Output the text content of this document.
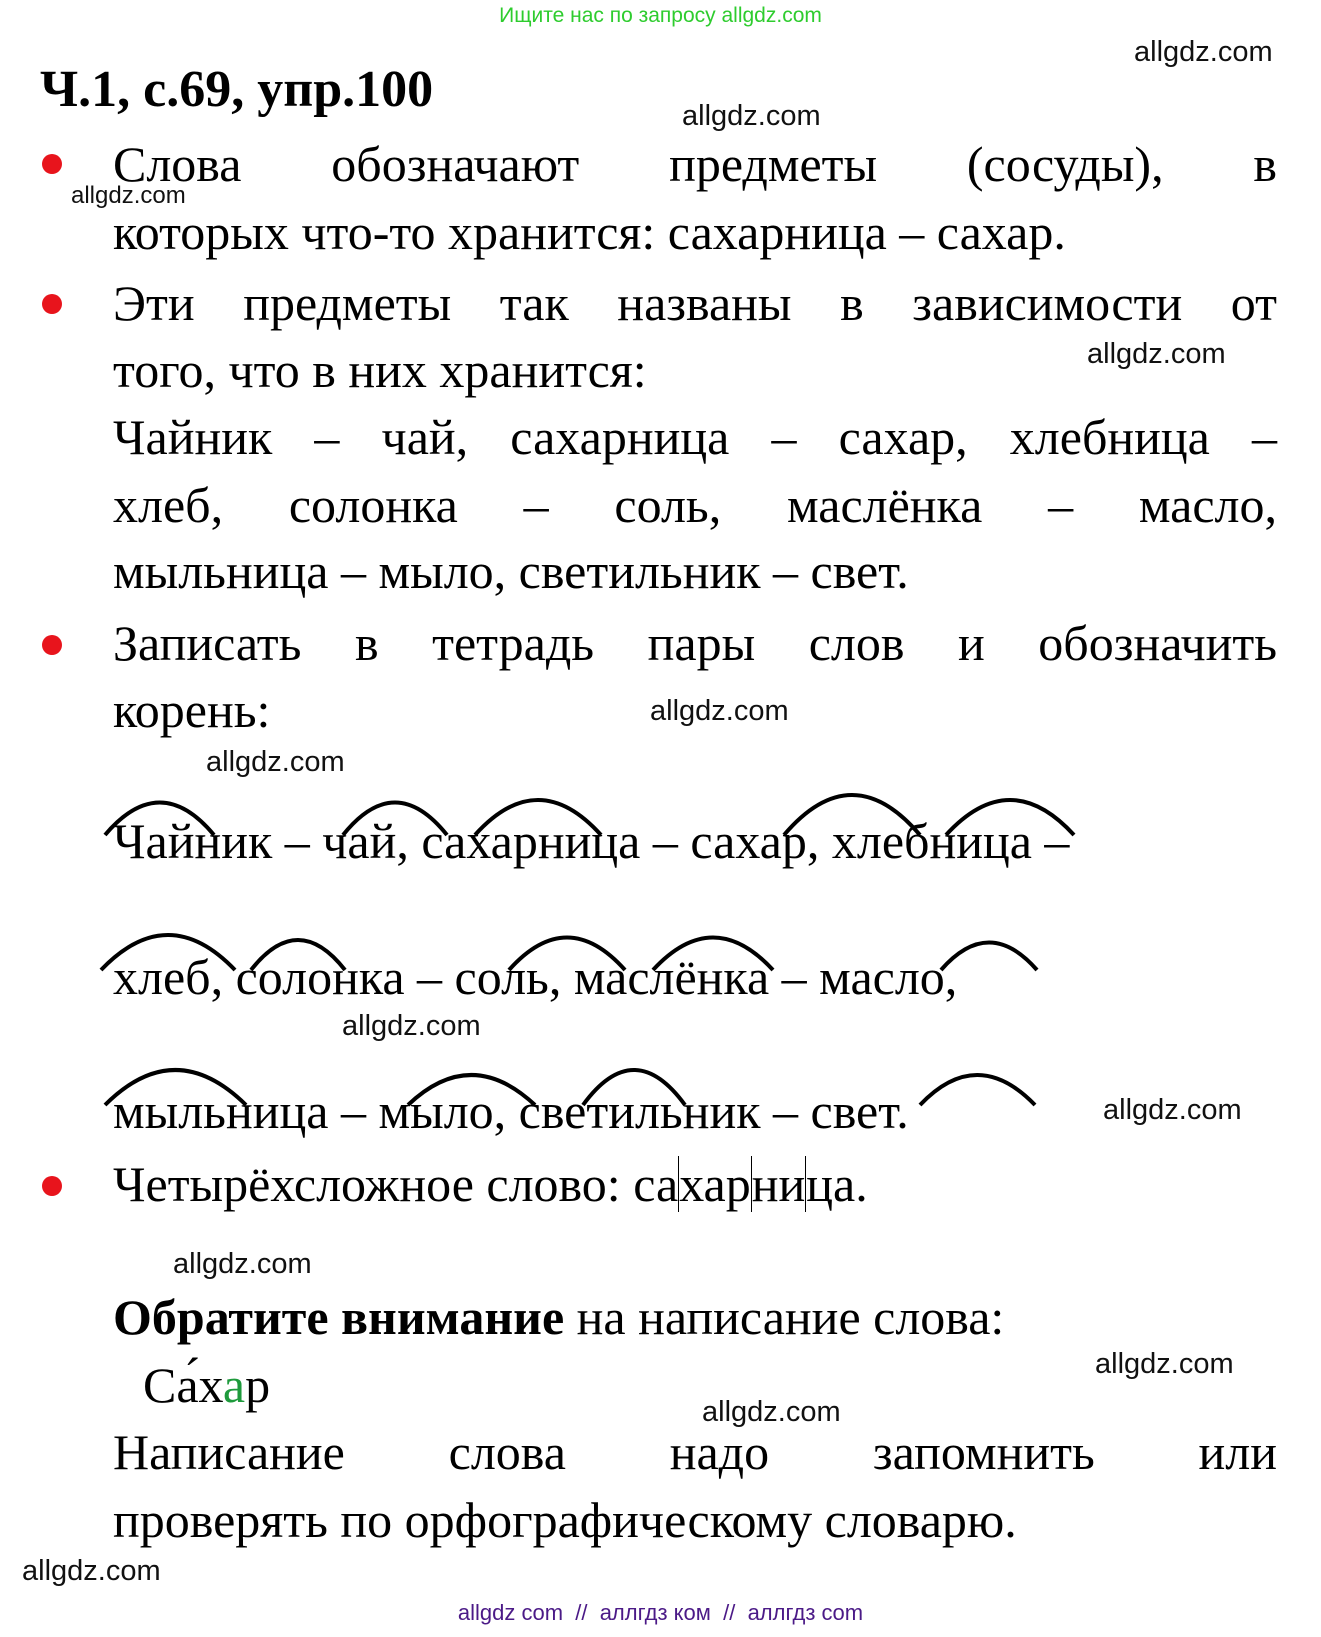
Ищите нас по запросу allgdz.com
Ч.1, с.69, упр.100
allgdz.com
allgdz.com
allgdz.com
allgdz.com
allgdz.com
allgdz.com
allgdz.com
allgdz.com
allgdz.com
allgdz.com
allgdz.com
allgdz.com
Слова обозначают предметы (сосуды), в
которых что-то хранится: сахарница – сахар.
Эти предметы так названы в зависимости от
того, что в них хранится:
Чайник – чай, сахарница – сахар, хлебница –
хлеб, солонка – соль, маслёнка – масло,
мыльница – мыло, светильник – свет.
Записать в тетрадь пары слов и обозначить
корень:
Чайник – чай, сахарница – сахар, хлебница –
хлеб, солонка – соль, маслёнка – масло,
мыльница – мыло, светильник – свет.
Четырёхсложное слово: сахарница.
Обратите внимание на написание слова:
Са́хар
Написание слова надо запомнить или
проверять по орфографическому словарю.
allgdz com  //  аллгдз ком  //  аллгдз com
